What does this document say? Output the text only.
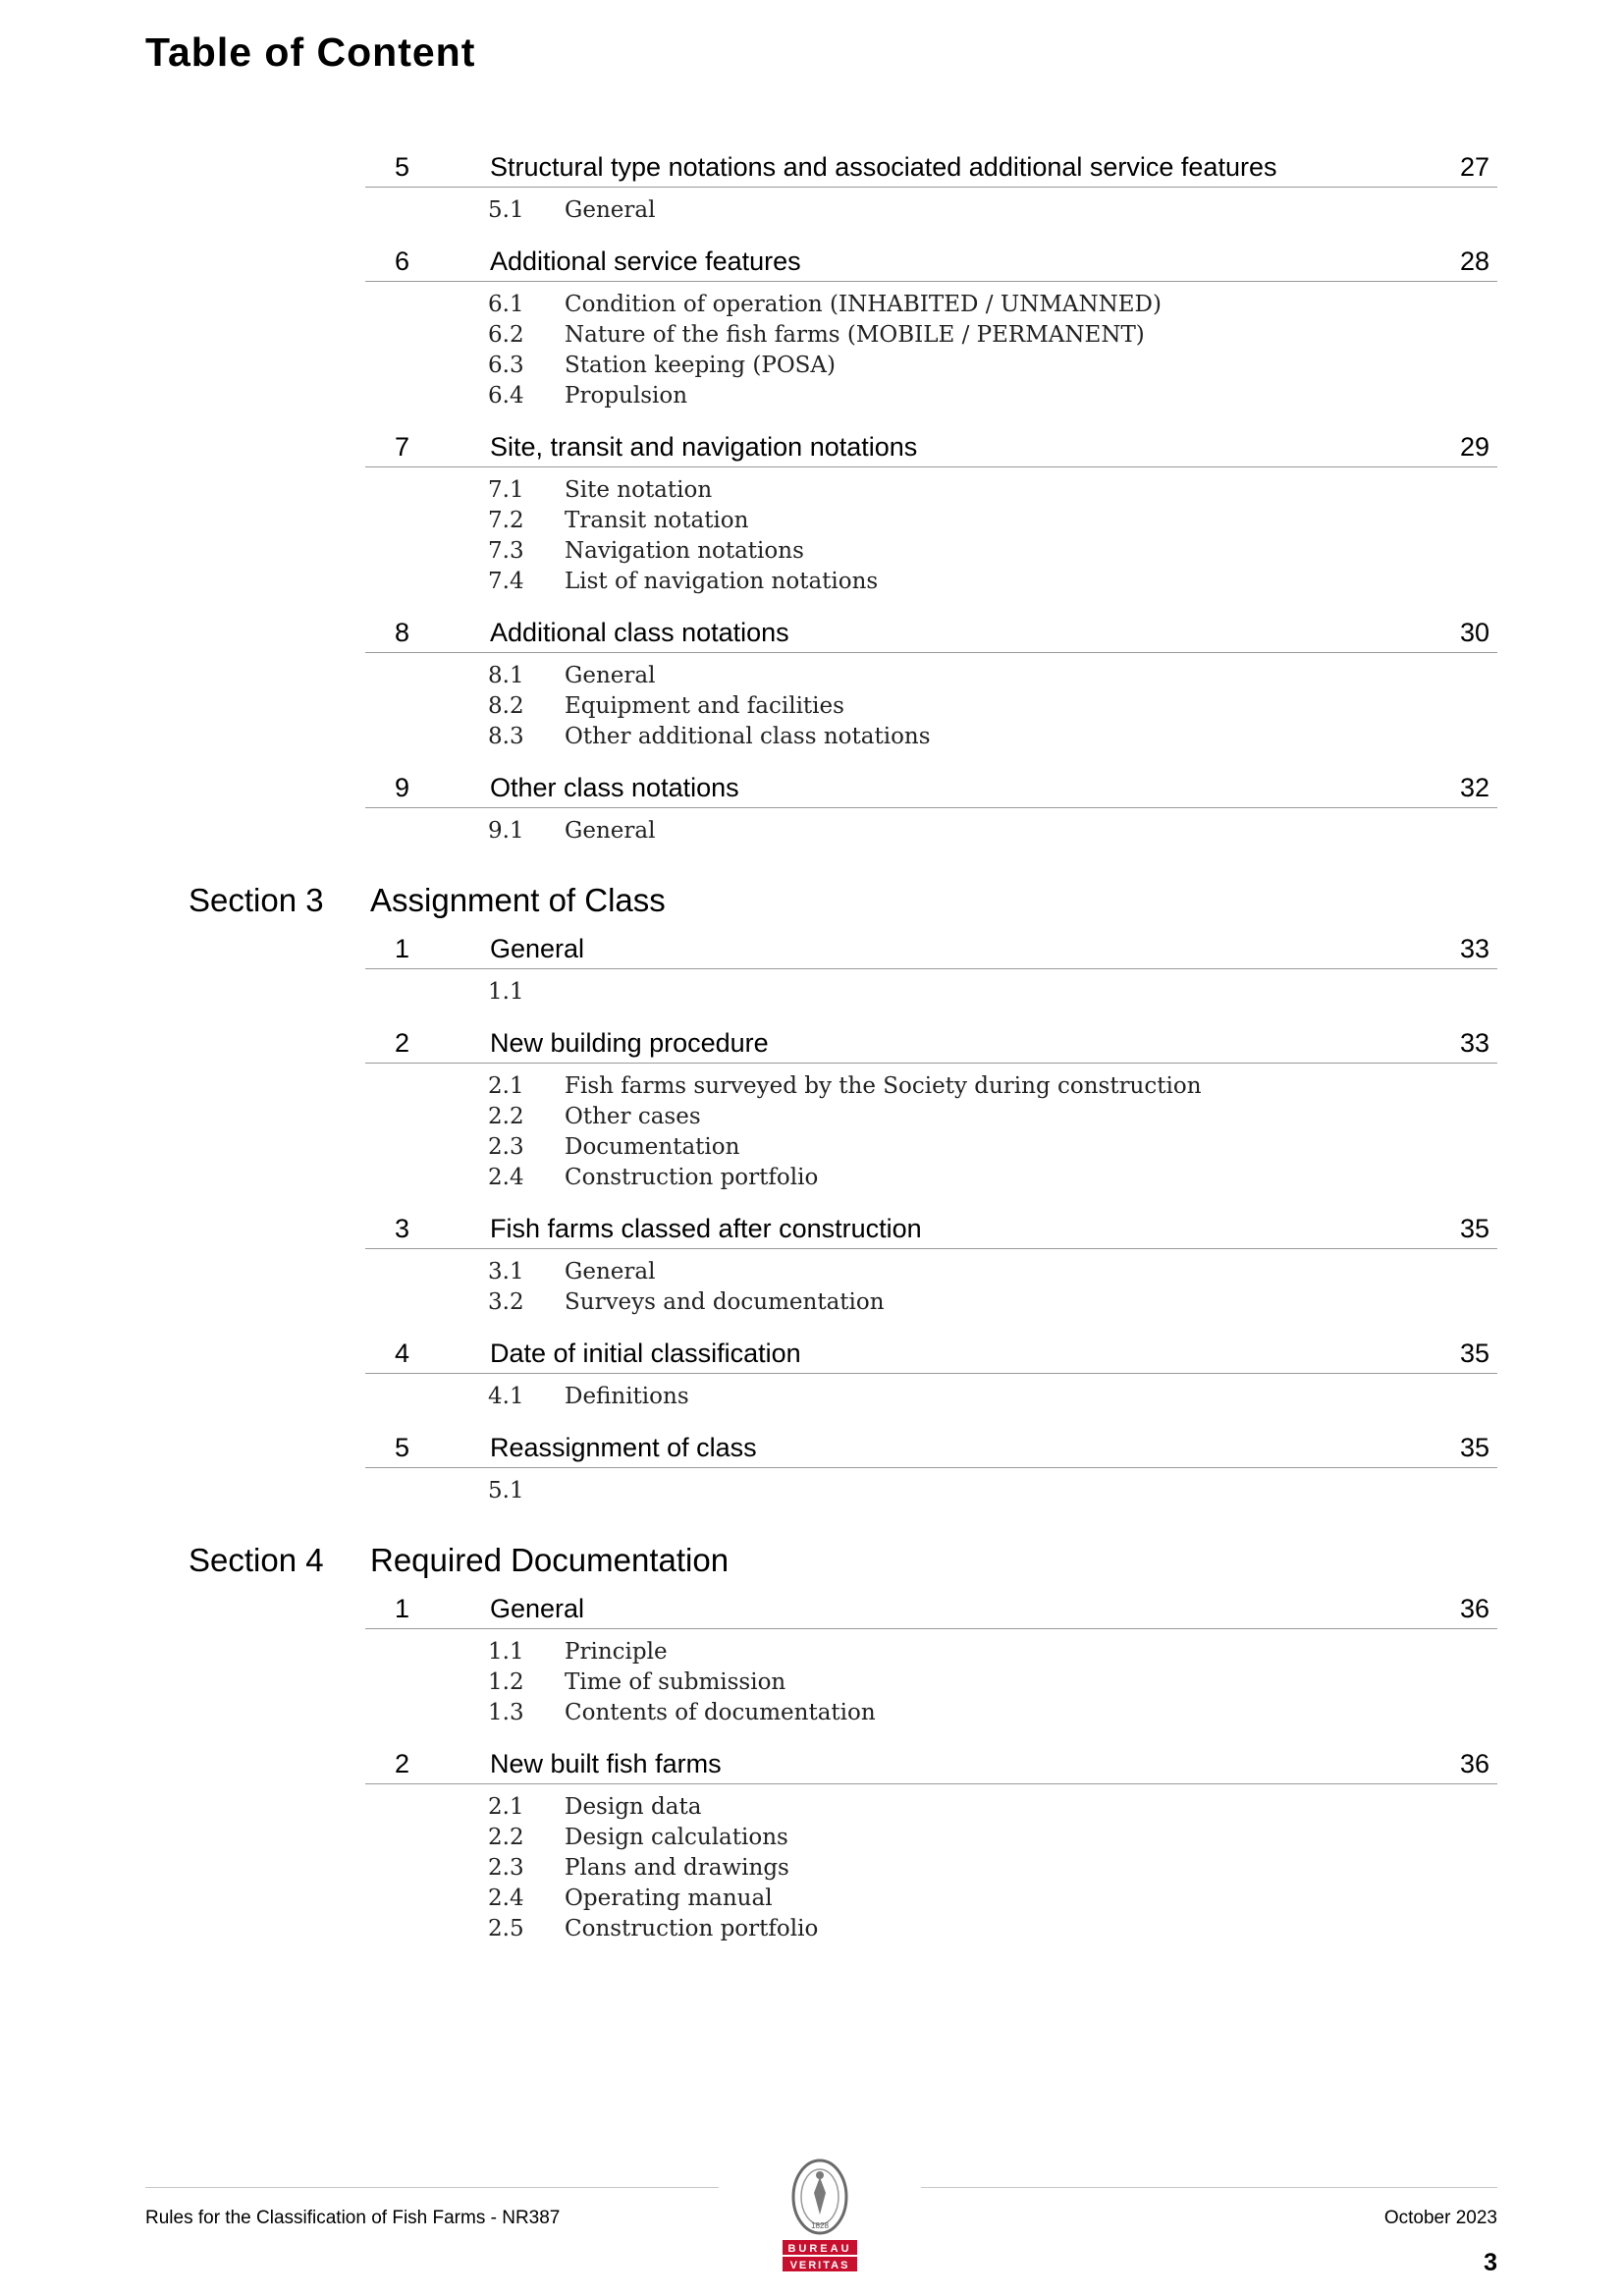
Table of Content
5	Structural type notations and associated additional service features	27
5.1 General
6	Additional service features	28
6.1 Condition of operation (INHABITED / UNMANNED)
6.2 Nature of the fish farms (MOBILE / PERMANENT)
6.3 Station keeping (POSA)
6.4 Propulsion
7	Site, transit and navigation notations	29
7.1 Site notation
7.2 Transit notation
7.3 Navigation notations
7.4 List of navigation notations
8	Additional class notations	30
8.1 General
8.2 Equipment and facilities
8.3 Other additional class notations
9	Other class notations	32
9.1 General
Section 3 Assignment of Class
1	General	33
1.1
2	New building procedure	33
2.1 Fish farms surveyed by the Society during construction
2.2 Other cases
2.3 Documentation
2.4 Construction portfolio
3	Fish farms classed after construction	35
3.1 General
3.2 Surveys and documentation
4	Date of initial classification	35
4.1 Definitions
5	Reassignment of class	35
5.1
Section 4 Required Documentation
1	General	36
1.1 Principle
1.2 Time of submission
1.3 Contents of documentation
2	New built fish farms	36
2.1 Design data
2.2 Design calculations
2.3 Plans and drawings
2.4 Operating manual
2.5 Construction portfolio
1828
BUREAU
VERITAS
Rules for the Classification of Fish Farms - NR387	October 2023
3
